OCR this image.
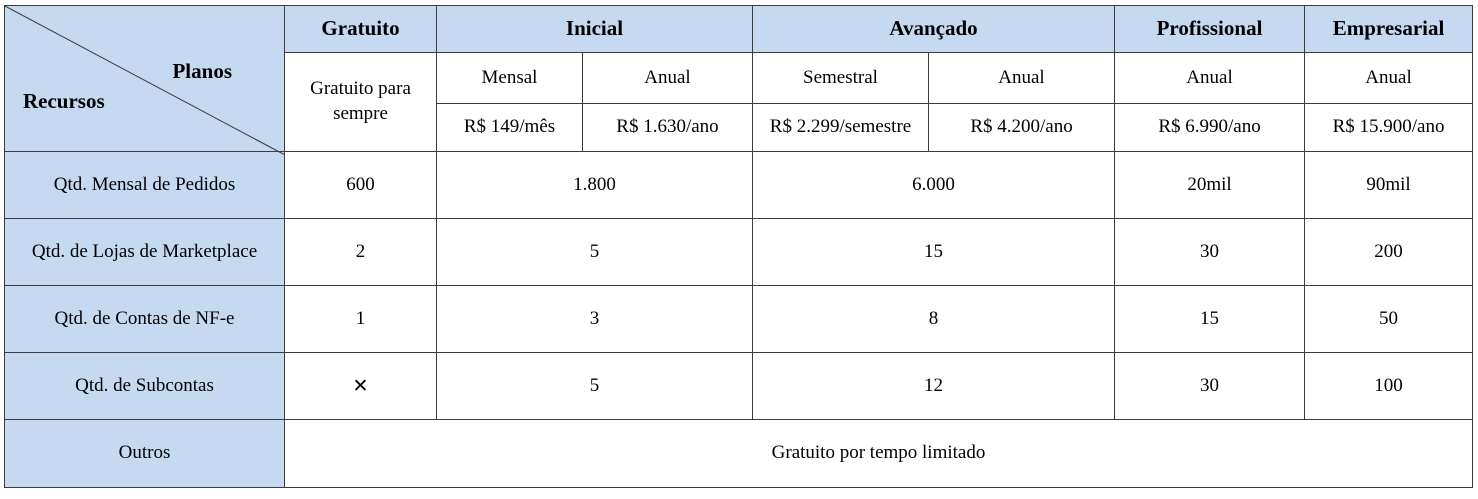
Planos
Recursos	Gratuito	Inicial		Avançado		Profissional	Empresarial
	Gratuito para sempre	Mensal	Anual	Semestral	Anual	Anual	Anual
		R$ 149/mês	R$ 1.630/ano	R$ 2.299/semestre	R$ 4.200/ano	R$ 6.990/ano	R$ 15.900/ano
Qtd. Mensal de Pedidos	600	1.800		6.000		20mil	90mil
Qtd. de Lojas de Marketplace	2	5		15		30	200
Qtd. de Contas de NF-e	1	3		8		15	50
Qtd. de Subcontas	✕	5		12		30	100
Outros	Gratuito por tempo limitado						
